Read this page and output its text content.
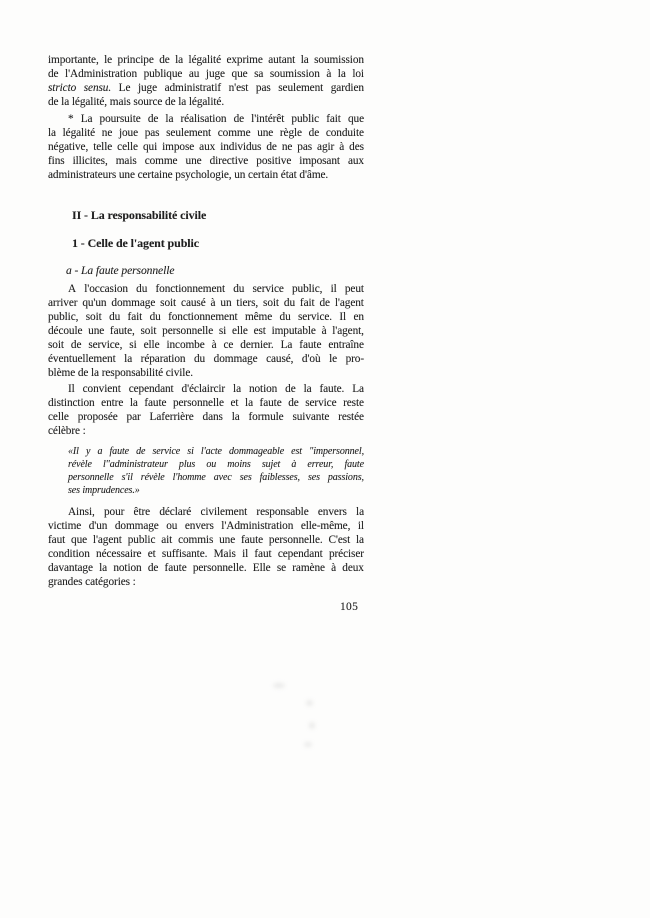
importante, le principe de la légalité exprime autant la soumission
de l'Administration publique au juge que sa soumission à la loi
stricto sensu. Le juge administratif n'est pas seulement gardien
de la légalité, mais source de la légalité.
* La poursuite de la réalisation de l'intérêt public fait que
la légalité ne joue pas seulement comme une règle de conduite
négative, telle celle qui impose aux individus de ne pas agir à des
fins illicites, mais comme une directive positive imposant aux
administrateurs une certaine psychologie, un certain état d'âme.
II - La responsabilité civile
1 - Celle de l'agent public
a - La faute personnelle
A l'occasion du fonctionnement du service public, il peut
arriver qu'un dommage soit causé à un tiers, soit du fait de l'agent
public, soit du fait du fonctionnement même du service. Il en
découle une faute, soit personnelle si elle est imputable à l'agent,
soit de service, si elle incombe à ce dernier. La faute entraîne
éventuellement la réparation du dommage causé, d'où le pro-
blème de la responsabilité civile.
Il convient cependant d'éclaircir la notion de la faute. La
distinction entre la faute personnelle et la faute de service reste
celle proposée par Laferrière dans la formule suivante restée
célèbre :
«Il y a faute de service si l'acte dommageable est "impersonnel,
révèle l''administrateur plus ou moins sujet à erreur, faute
personnelle s'il révèle l'homme avec ses faiblesses, ses passions,
ses imprudences.»
Ainsi, pour être déclaré civilement responsable envers la
victime d'un dommage ou envers l'Administration elle-même, il
faut que l'agent public ait commis une faute personnelle. C'est la
condition nécessaire et suffisante. Mais il faut cependant préciser
davantage la notion de faute personnelle. Elle se ramène à deux
grandes catégories :
105
